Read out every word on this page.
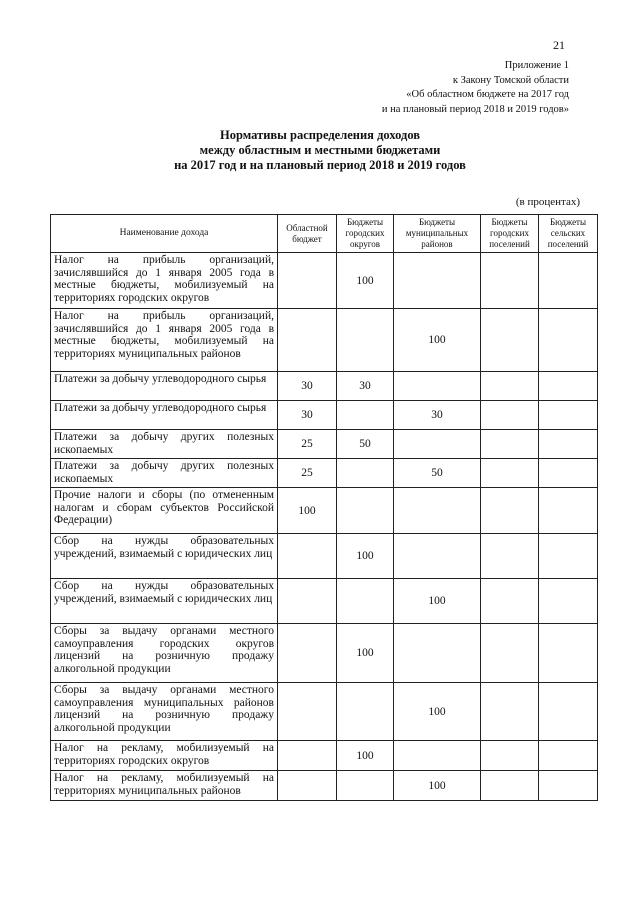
21
Приложение 1
к Закону Томской области
«Об областном бюджете на 2017 год
и на плановый период 2018 и 2019 годов»
Нормативы распределения доходов
между областным и местными бюджетами
на 2017 год и на плановый период 2018 и 2019 годов
(в процентах)
Наименование дохода	Областной бюджет	Бюджеты городских округов	Бюджеты муниципальных районов	Бюджеты городских поселений	Бюджеты сельских поселений
Налог на прибыль организаций, зачислявшийся до 1 января 2005 года в местные бюджеты, мобилизуемый на территориях городских округов		100			
Налог на прибыль организаций, зачислявшийся до 1 января 2005 года в местные бюджеты, мобилизуемый на территориях муниципальных районов			100		
Платежи за добычу углеводородного сырья	30	30			
Платежи за добычу углеводородного сырья	30		30		
Платежи за добычу других полезных ископаемых	25	50			
Платежи за добычу других полезных ископаемых	25		50		
Прочие налоги и сборы (по отмененным налогам и сборам субъектов Российской Федерации)	100				
Сбор на нужды образовательных учреждений, взимаемый с юридических лиц		100			
Сбор на нужды образовательных учреждений, взимаемый с юридических лиц			100		
Сборы за выдачу органами местного самоуправления городских округов лицензий на розничную продажу алкогольной продукции		100			
Сборы за выдачу органами местного самоуправления муниципальных районов лицензий на розничную продажу алкогольной продукции			100		
Налог на рекламу, мобилизуемый на территориях городских округов		100			
Налог на рекламу, мобилизуемый на территориях муниципальных районов			100		
